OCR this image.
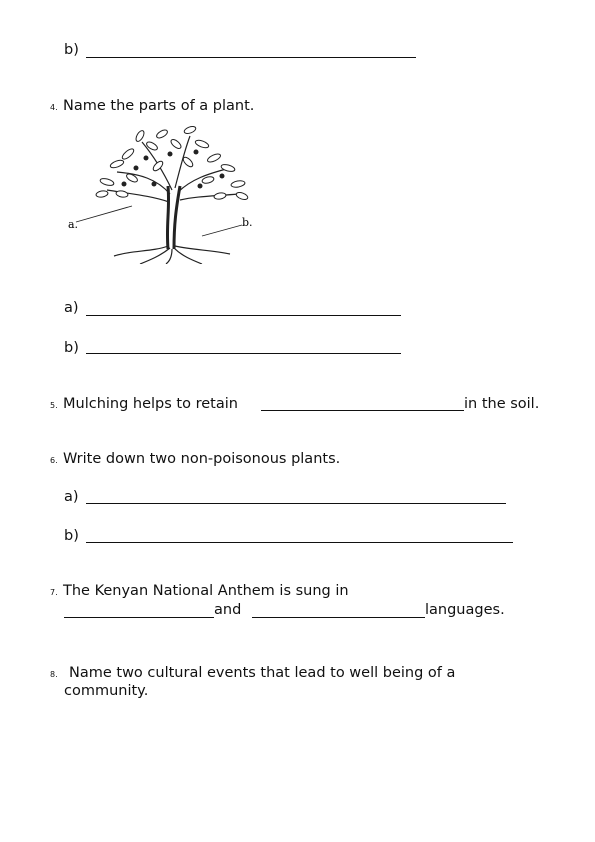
b)
4. Name the parts of a plant.
a.	b.
a)
b)
5. Mulching helps to retain	in the soil.
6. Write down two non-poisonous plants.
a)
b)
7. The Kenyan National Anthem is sung in
and	languages.
8. Name two cultural events that lead to well being of a
community.
